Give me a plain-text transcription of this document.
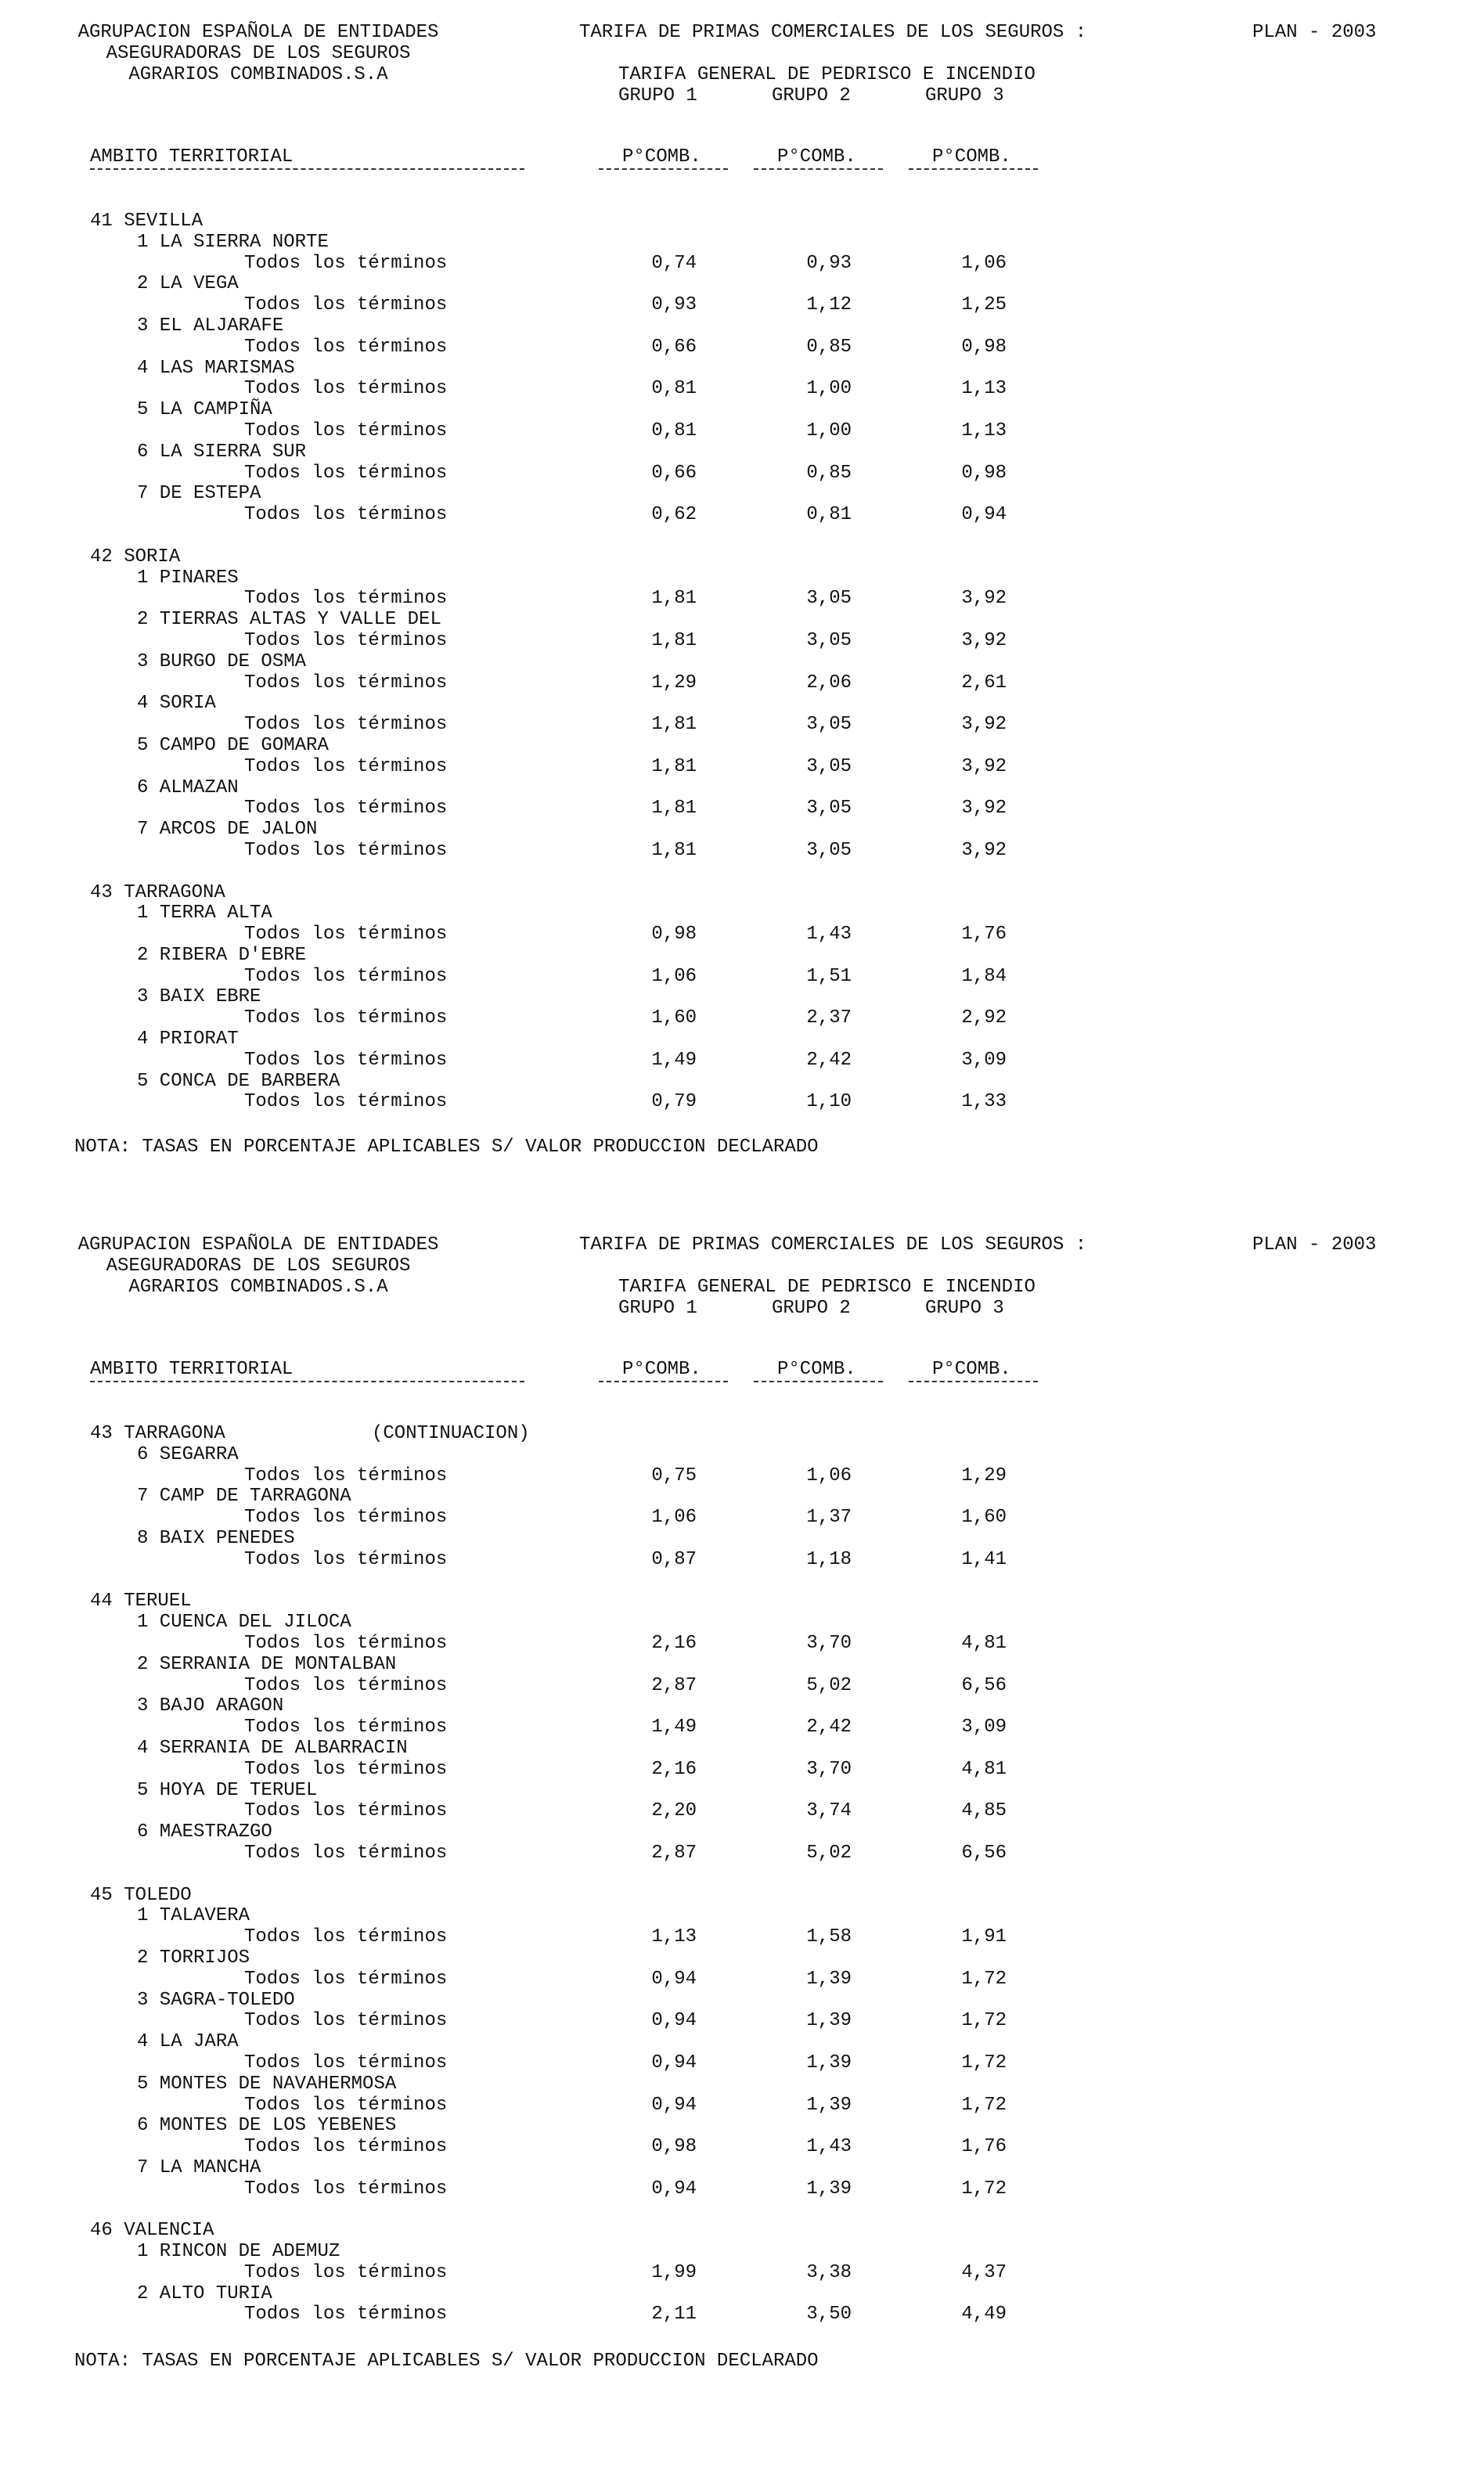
AGRUPACION ESPAÑOLA DE ENTIDADES
ASEGURADORAS DE LOS SEGUROS
AGRARIOS COMBINADOS.S.A
TARIFA DE PRIMAS COMERCIALES DE LOS SEGUROS :	PLAN - 2003
TARIFA GENERAL DE PEDRISCO E INCENDIO
GRUPO 1	GRUPO 2	GRUPO 3
AMBITO TERRITORIAL	P°COMB.	P°COMB.	P°COMB.
41 SEVILLA
1 LA SIERRA NORTE
Todos los términos	0,74	0,93	1,06
2 LA VEGA
Todos los términos	0,93	1,12	1,25
3 EL ALJARAFE
Todos los términos	0,66	0,85	0,98
4 LAS MARISMAS
Todos los términos	0,81	1,00	1,13
5 LA CAMPIÑA
Todos los términos	0,81	1,00	1,13
6 LA SIERRA SUR
Todos los términos	0,66	0,85	0,98
7 DE ESTEPA
Todos los términos	0,62	0,81	0,94
42 SORIA
1 PINARES
Todos los términos	1,81	3,05	3,92
2 TIERRAS ALTAS Y VALLE DEL
Todos los términos	1,81	3,05	3,92
3 BURGO DE OSMA
Todos los términos	1,29	2,06	2,61
4 SORIA
Todos los términos	1,81	3,05	3,92
5 CAMPO DE GOMARA
Todos los términos	1,81	3,05	3,92
6 ALMAZAN
Todos los términos	1,81	3,05	3,92
7 ARCOS DE JALON
Todos los términos	1,81	3,05	3,92
43 TARRAGONA
1 TERRA ALTA
Todos los términos	0,98	1,43	1,76
2 RIBERA D'EBRE
Todos los términos	1,06	1,51	1,84
3 BAIX EBRE
Todos los términos	1,60	2,37	2,92
4 PRIORAT
Todos los términos	1,49	2,42	3,09
5 CONCA DE BARBERA
Todos los términos	0,79	1,10	1,33
NOTA: TASAS EN PORCENTAJE APLICABLES S/ VALOR PRODUCCION DECLARADO
AGRUPACION ESPAÑOLA DE ENTIDADES
ASEGURADORAS DE LOS SEGUROS
AGRARIOS COMBINADOS.S.A
TARIFA DE PRIMAS COMERCIALES DE LOS SEGUROS :	PLAN - 2003
TARIFA GENERAL DE PEDRISCO E INCENDIO
GRUPO 1	GRUPO 2	GRUPO 3
AMBITO TERRITORIAL	P°COMB.	P°COMB.	P°COMB.
43 TARRAGONA	(CONTINUACION)
6 SEGARRA
Todos los términos	0,75	1,06	1,29
7 CAMP DE TARRAGONA
Todos los términos	1,06	1,37	1,60
8 BAIX PENEDES
Todos los términos	0,87	1,18	1,41
44 TERUEL
1 CUENCA DEL JILOCA
Todos los términos	2,16	3,70	4,81
2 SERRANIA DE MONTALBAN
Todos los términos	2,87	5,02	6,56
3 BAJO ARAGON
Todos los términos	1,49	2,42	3,09
4 SERRANIA DE ALBARRACIN
Todos los términos	2,16	3,70	4,81
5 HOYA DE TERUEL
Todos los términos	2,20	3,74	4,85
6 MAESTRAZGO
Todos los términos	2,87	5,02	6,56
45 TOLEDO
1 TALAVERA
Todos los términos	1,13	1,58	1,91
2 TORRIJOS
Todos los términos	0,94	1,39	1,72
3 SAGRA-TOLEDO
Todos los términos	0,94	1,39	1,72
4 LA JARA
Todos los términos	0,94	1,39	1,72
5 MONTES DE NAVAHERMOSA
Todos los términos	0,94	1,39	1,72
6 MONTES DE LOS YEBENES
Todos los términos	0,98	1,43	1,76
7 LA MANCHA
Todos los términos	0,94	1,39	1,72
46 VALENCIA
1 RINCON DE ADEMUZ
Todos los términos	1,99	3,38	4,37
2 ALTO TURIA
Todos los términos	2,11	3,50	4,49
NOTA: TASAS EN PORCENTAJE APLICABLES S/ VALOR PRODUCCION DECLARADO
